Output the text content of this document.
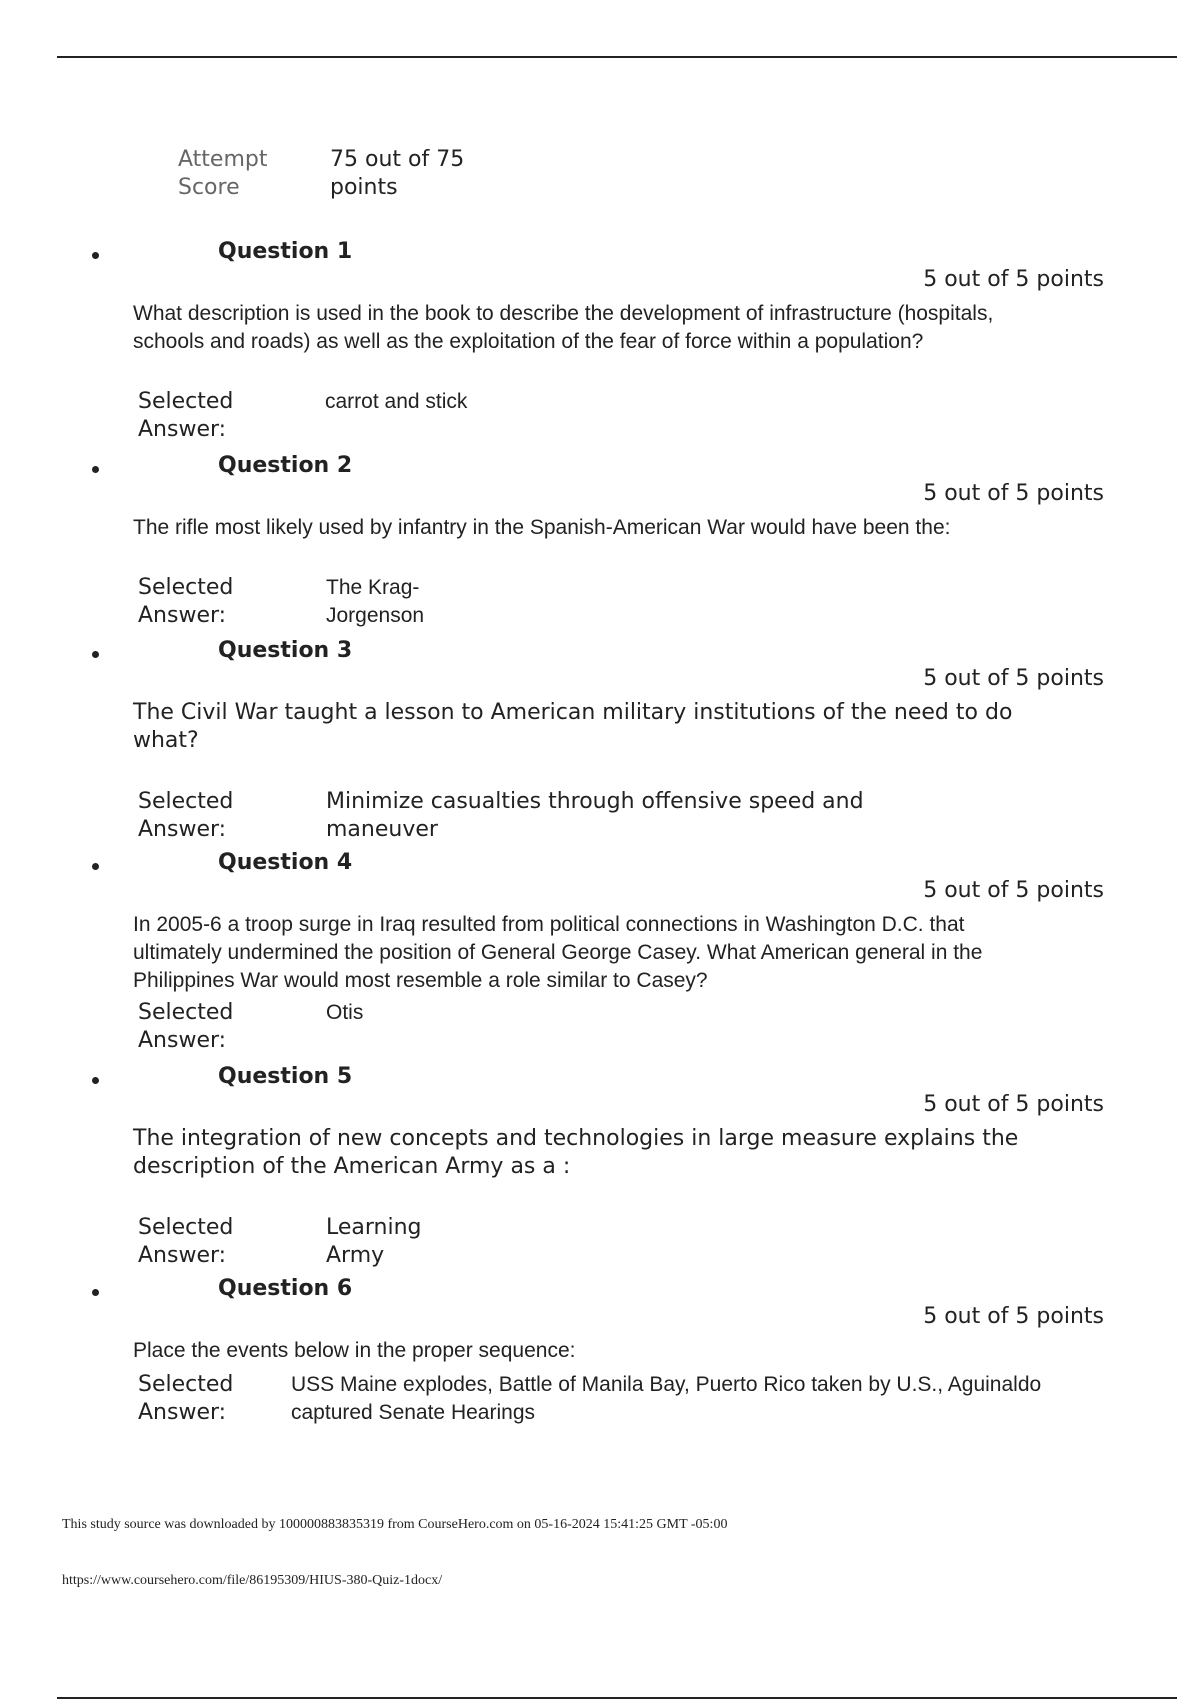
Attempt
Score
75 out of 75
points
Question 1
5 out of 5 points
What description is used in the book to describe the development of infrastructure (hospitals, schools and roads) as well as the exploitation of the fear of force within a population?
Selected
Answer:
carrot and stick
Question 2
5 out of 5 points
The rifle most likely used by infantry in the Spanish-American War would have been the:
Selected
Answer:
The Krag-
Jorgenson
Question 3
5 out of 5 points
The Civil War taught a lesson to American military institutions of the need to do what?
Selected
Answer:
Minimize casualties through offensive speed and maneuver
Question 4
5 out of 5 points
In 2005-6 a troop surge in Iraq resulted from political connections in Washington D.C. that ultimately undermined the position of General George Casey. What American general in the Philippines War would most resemble a role similar to Casey?
Selected
Answer:
Otis
Question 5
5 out of 5 points
The integration of new concepts and technologies in large measure explains the description of the American Army as a :
Selected
Answer:
Learning
Army
Question 6
5 out of 5 points
Place the events below in the proper sequence:
Selected
Answer:
USS Maine explodes, Battle of Manila Bay, Puerto Rico taken by U.S., Aguinaldo captured Senate Hearings
This study source was downloaded by 100000883835319 from CourseHero.com on 05-16-2024 15:41:25 GMT -05:00
https://www.coursehero.com/file/86195309/HIUS-380-Quiz-1docx/
